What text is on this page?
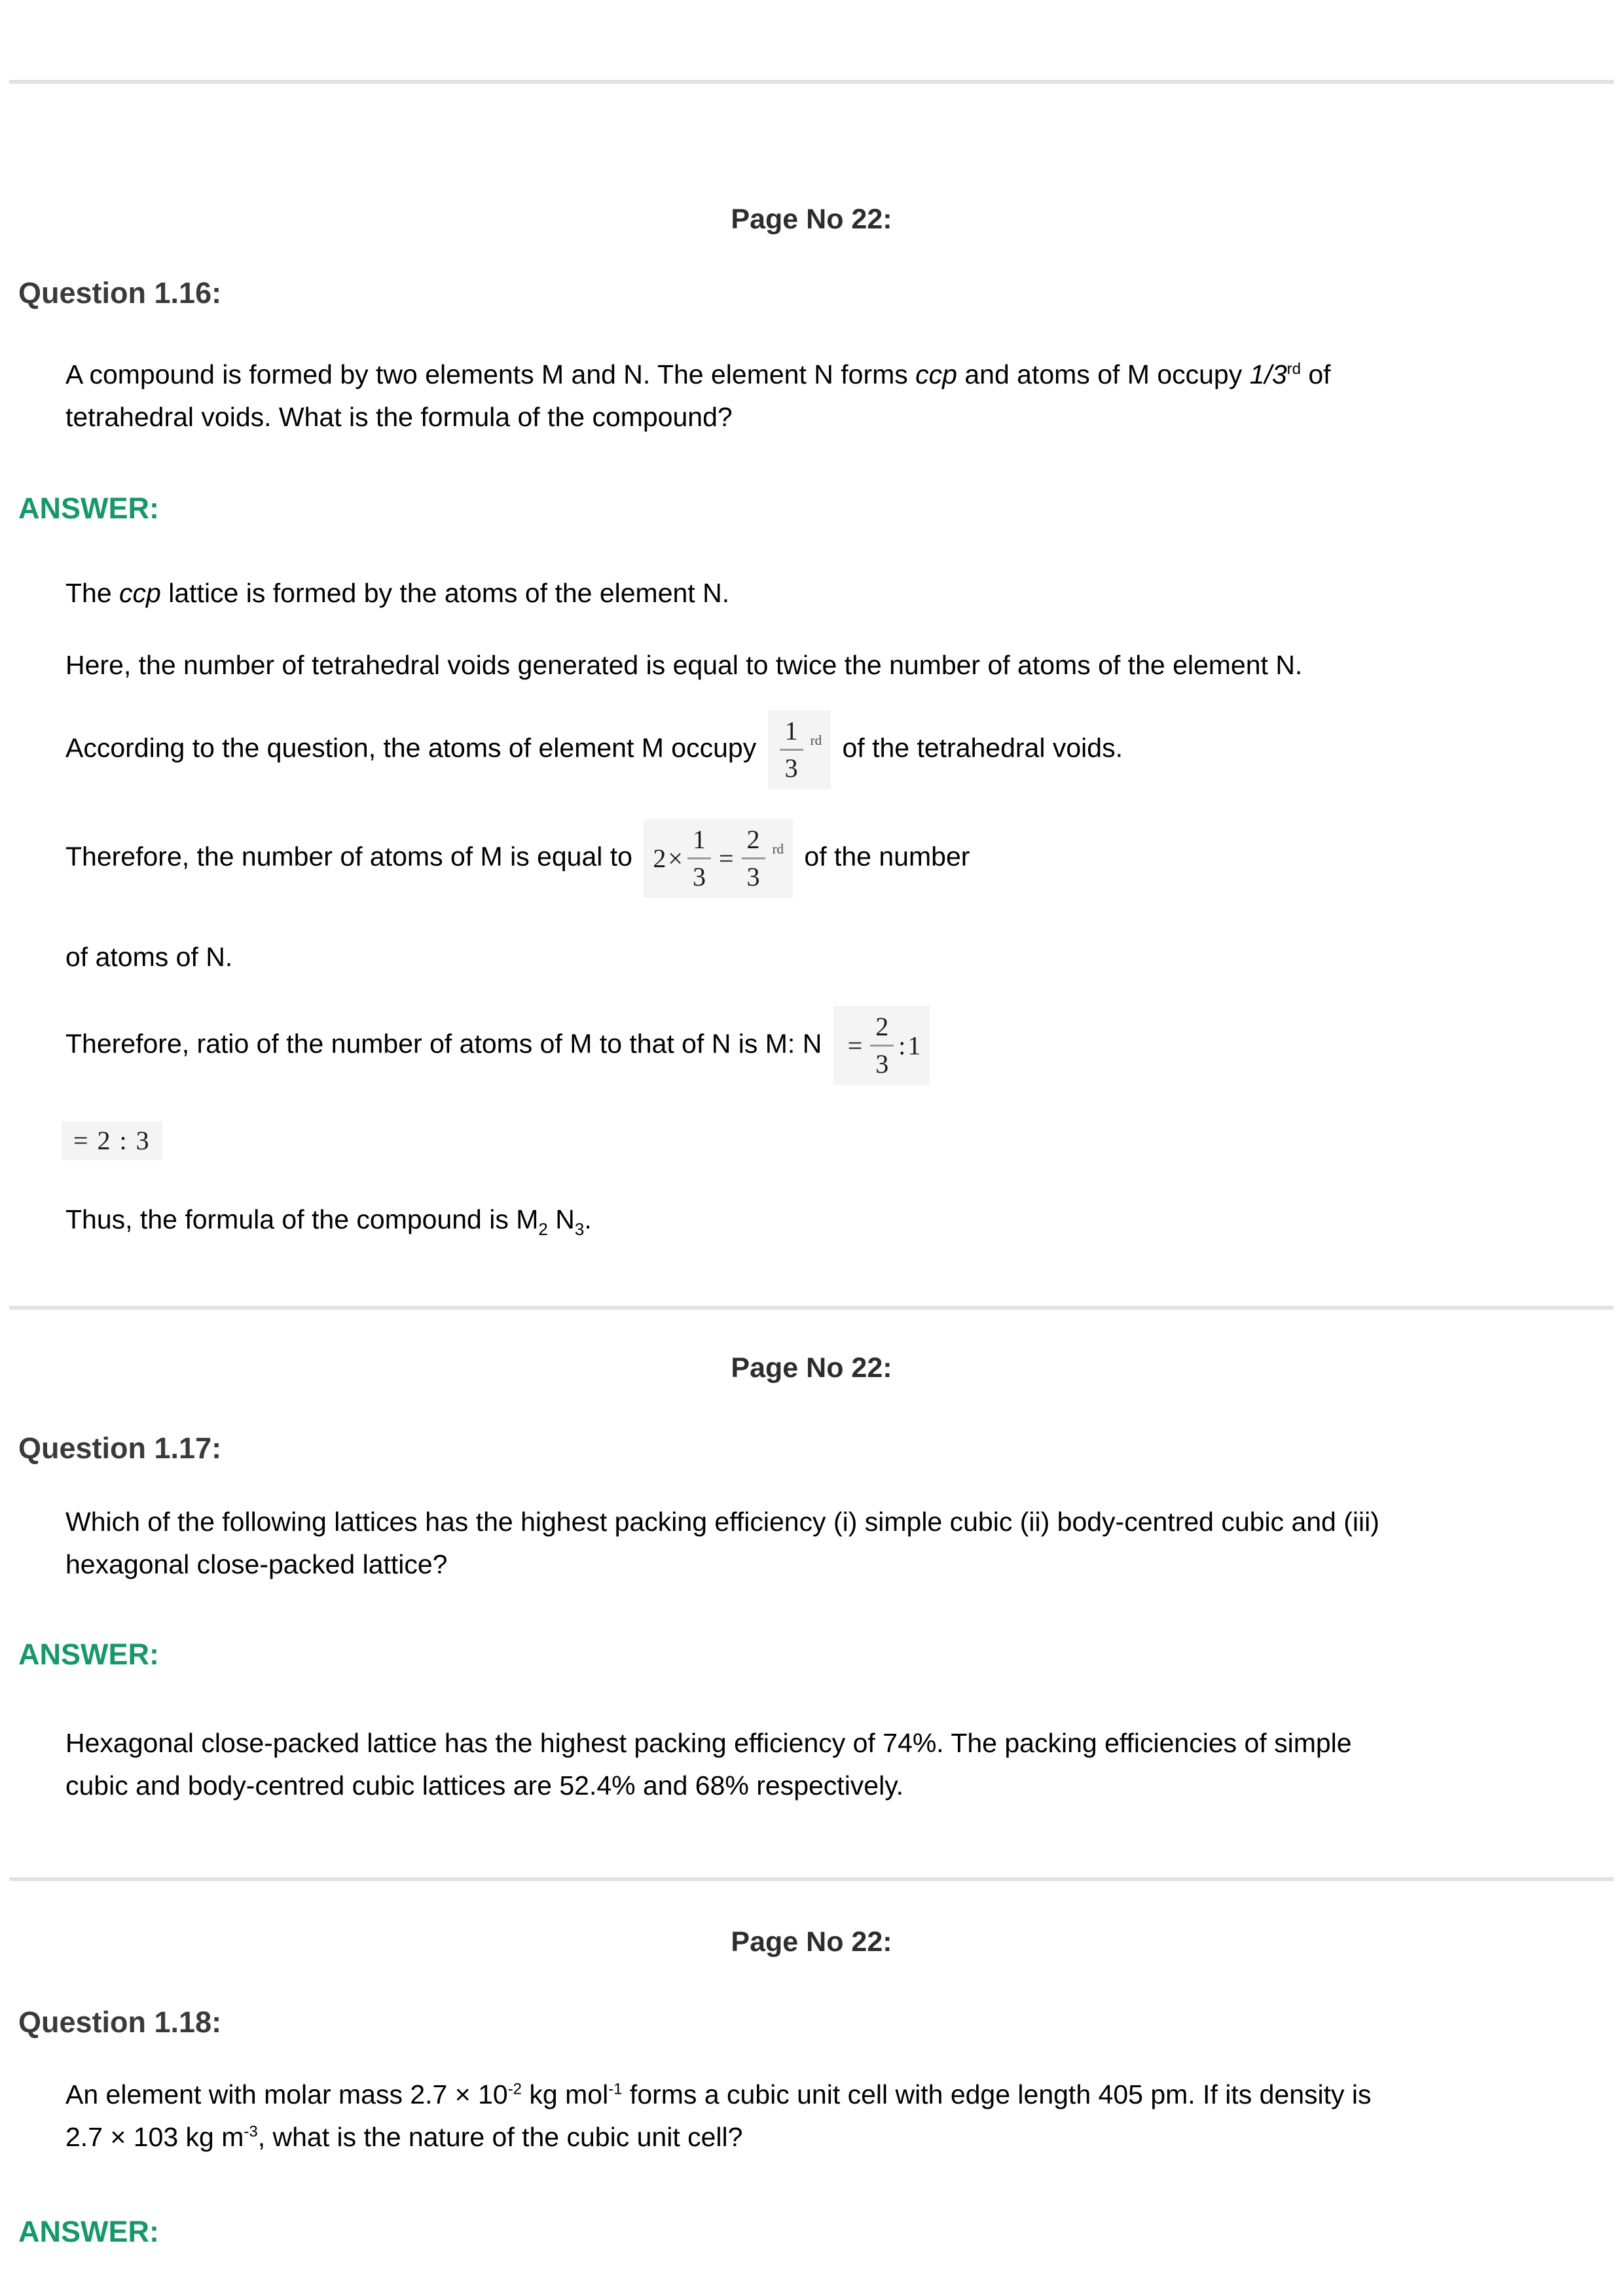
Page No 22:
Question 1.16:

A compound is formed by two elements M and N. The element N forms ccp and atoms of M occupy 1/3rd of
tetrahedral voids. What is the formula of the compound?

ANSWER:

The ccp lattice is formed by the atoms of the element N.

Here, the number of tetrahedral voids generated is equal to twice the number of atoms of the element N.

According to the question, the atoms of element M occupy $\frac{1}{3}$ rd of the tetrahedral voids.

Therefore, the number of atoms of M is equal to $2 \times \frac{1}{3} = \frac{2}{3}$ rd of the number

of atoms of N.

Therefore, ratio of the number of atoms of M to that of N is M: $N = \frac{2}{3}$ : 1

= 2 : 3

Thus, the formula of the compound is $M_2$ $N_3$.

Page No 22:
Question 1.17:

Which of the following lattices has the highest packing efficiency (i) simple cubic (ii) body-centred cubic and (iii)
hexagonal close-packed lattice?

ANSWER:

Hexagonal close-packed lattice has the highest packing efficiency of 74%. The packing efficiencies of simple
cubic and body-centred cubic lattices are 52.4% and 68% respectively.

Page No 22:
Question 1.18:

An element with molar mass $2.7 \times 10^{-2}$ kg mol$^{-1}$ forms a cubic unit cell with edge length 405 pm. If its density is
2.7 × 103 kg $m^{-3}$, what is the nature of the cubic unit cell?

ANSWER:
